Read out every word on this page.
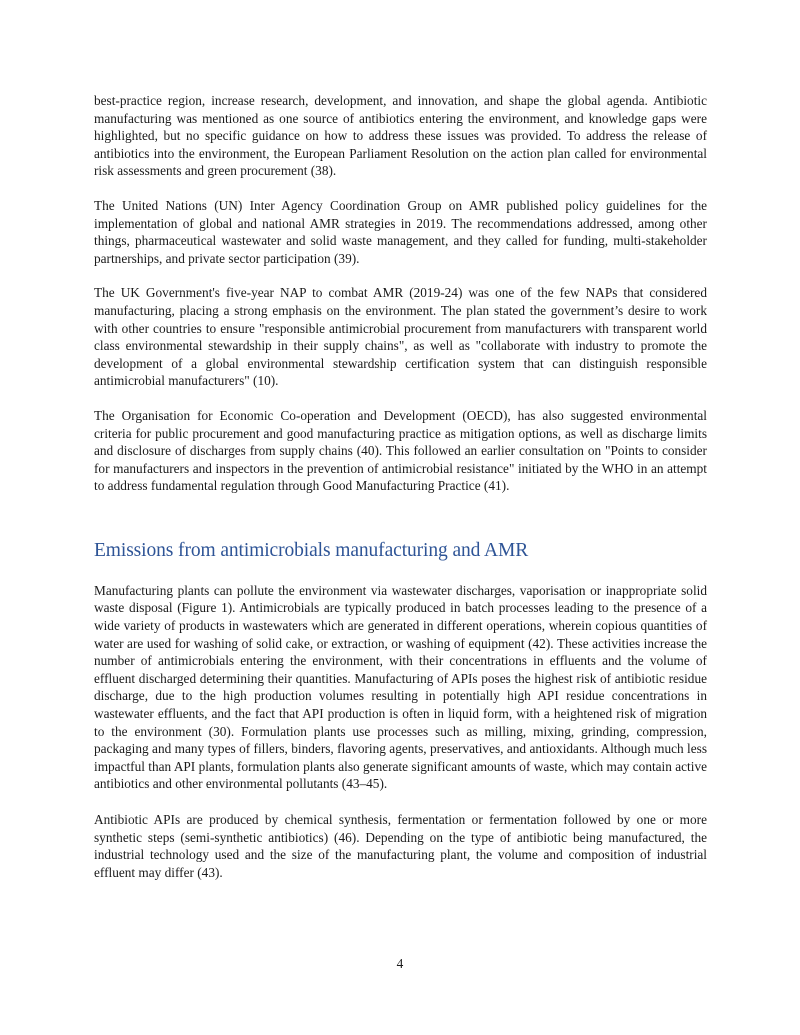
best-practice region, increase research, development, and innovation, and shape the global agenda. Antibiotic manufacturing was mentioned as one source of antibiotics entering the environment, and knowledge gaps were highlighted, but no specific guidance on how to address these issues was provided. To address the release of antibiotics into the environment, the European Parliament Resolution on the action plan called for environmental risk assessments and green procurement (38).

The United Nations (UN) Inter Agency Coordination Group on AMR published policy guidelines for the implementation of global and national AMR strategies in 2019. The recommendations addressed, among other things, pharmaceutical wastewater and solid waste management, and they called for funding, multi-stakeholder partnerships, and private sector participation (39).

The UK Government's five-year NAP to combat AMR (2019-24) was one of the few NAPs that considered manufacturing, placing a strong emphasis on the environment. The plan stated the government’s desire to work with other countries to ensure "responsible antimicrobial procurement from manufacturers with transparent world class environmental stewardship in their supply chains", as well as "collaborate with industry to promote the development of a global environmental stewardship certification system that can distinguish responsible antimicrobial manufacturers" (10).

The Organisation for Economic Co-operation and Development (OECD), has also suggested environmental criteria for public procurement and good manufacturing practice as mitigation options, as well as discharge limits and disclosure of discharges from supply chains (40). This followed an earlier consultation on "Points to consider for manufacturers and inspectors in the prevention of antimicrobial resistance" initiated by the WHO in an attempt to address fundamental regulation through Good Manufacturing Practice (41).

Emissions from antimicrobials manufacturing and AMR

Manufacturing plants can pollute the environment via wastewater discharges, vaporisation or inappropriate solid waste disposal (Figure 1). Antimicrobials are typically produced in batch processes leading to the presence of a wide variety of products in wastewaters which are generated in different operations, wherein copious quantities of water are used for washing of solid cake, or extraction, or washing of equipment (42). These activities increase the number of antimicrobials entering the environment, with their concentrations in effluents and the volume of effluent discharged determining their quantities. Manufacturing of APIs poses the highest risk of antibiotic residue discharge, due to the high production volumes resulting in potentially high API residue concentrations in wastewater effluents, and the fact that API production is often in liquid form, with a heightened risk of migration to the environment (30). Formulation plants use processes such as milling, mixing, grinding, compression, packaging and many types of fillers, binders, flavoring agents, preservatives, and antioxidants. Although much less impactful than API plants, formulation plants also generate significant amounts of waste, which may contain active antibiotics and other environmental pollutants (43–45).

Antibiotic APIs are produced by chemical synthesis, fermentation or fermentation followed by one or more synthetic steps (semi-synthetic antibiotics) (46). Depending on the type of antibiotic being manufactured, the industrial technology used and the size of the manufacturing plant, the volume and composition of industrial effluent may differ (43).

4
